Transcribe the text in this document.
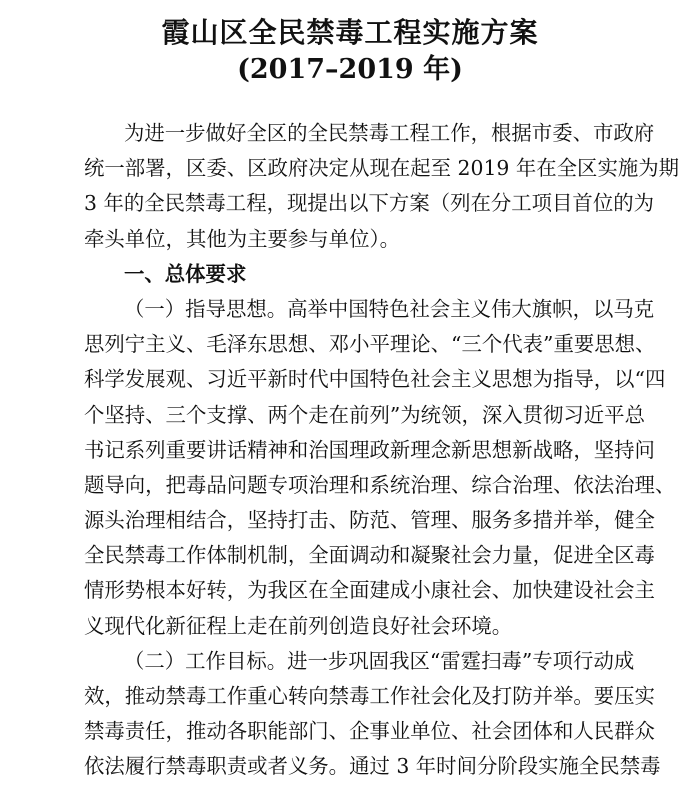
霞山区全民禁毒工程实施方案
(2017–2019 年)
为进一步做好全区的全民禁毒工程工作，根据市委、市政府
统一部署，区委、区政府决定从现在起至 2019 年在全区实施为期
3 年的全民禁毒工程，现提出以下方案（列在分工项目首位的为
牵头单位，其他为主要参与单位）。
一、总体要求
（一）指导思想。高举中国特色社会主义伟大旗帜，以马克
思列宁主义、毛泽东思想、邓小平理论、“三个代表”重要思想、
科学发展观、习近平新时代中国特色社会主义思想为指导，以“四
个坚持、三个支撑、两个走在前列”为统领，深入贯彻习近平总
书记系列重要讲话精神和治国理政新理念新思想新战略，坚持问
题导向，把毒品问题专项治理和系统治理、综合治理、依法治理、
源头治理相结合，坚持打击、防范、管理、服务多措并举，健全
全民禁毒工作体制机制，全面调动和凝聚社会力量，促进全区毒
情形势根本好转，为我区在全面建成小康社会、加快建设社会主
义现代化新征程上走在前列创造良好社会环境。
（二）工作目标。进一步巩固我区“雷霆扫毒”专项行动成
效，推动禁毒工作重心转向禁毒工作社会化及打防并举。要压实
禁毒责任，推动各职能部门、企事业单位、社会团体和人民群众
依法履行禁毒职责或者义务。通过 3 年时间分阶段实施全民禁毒
